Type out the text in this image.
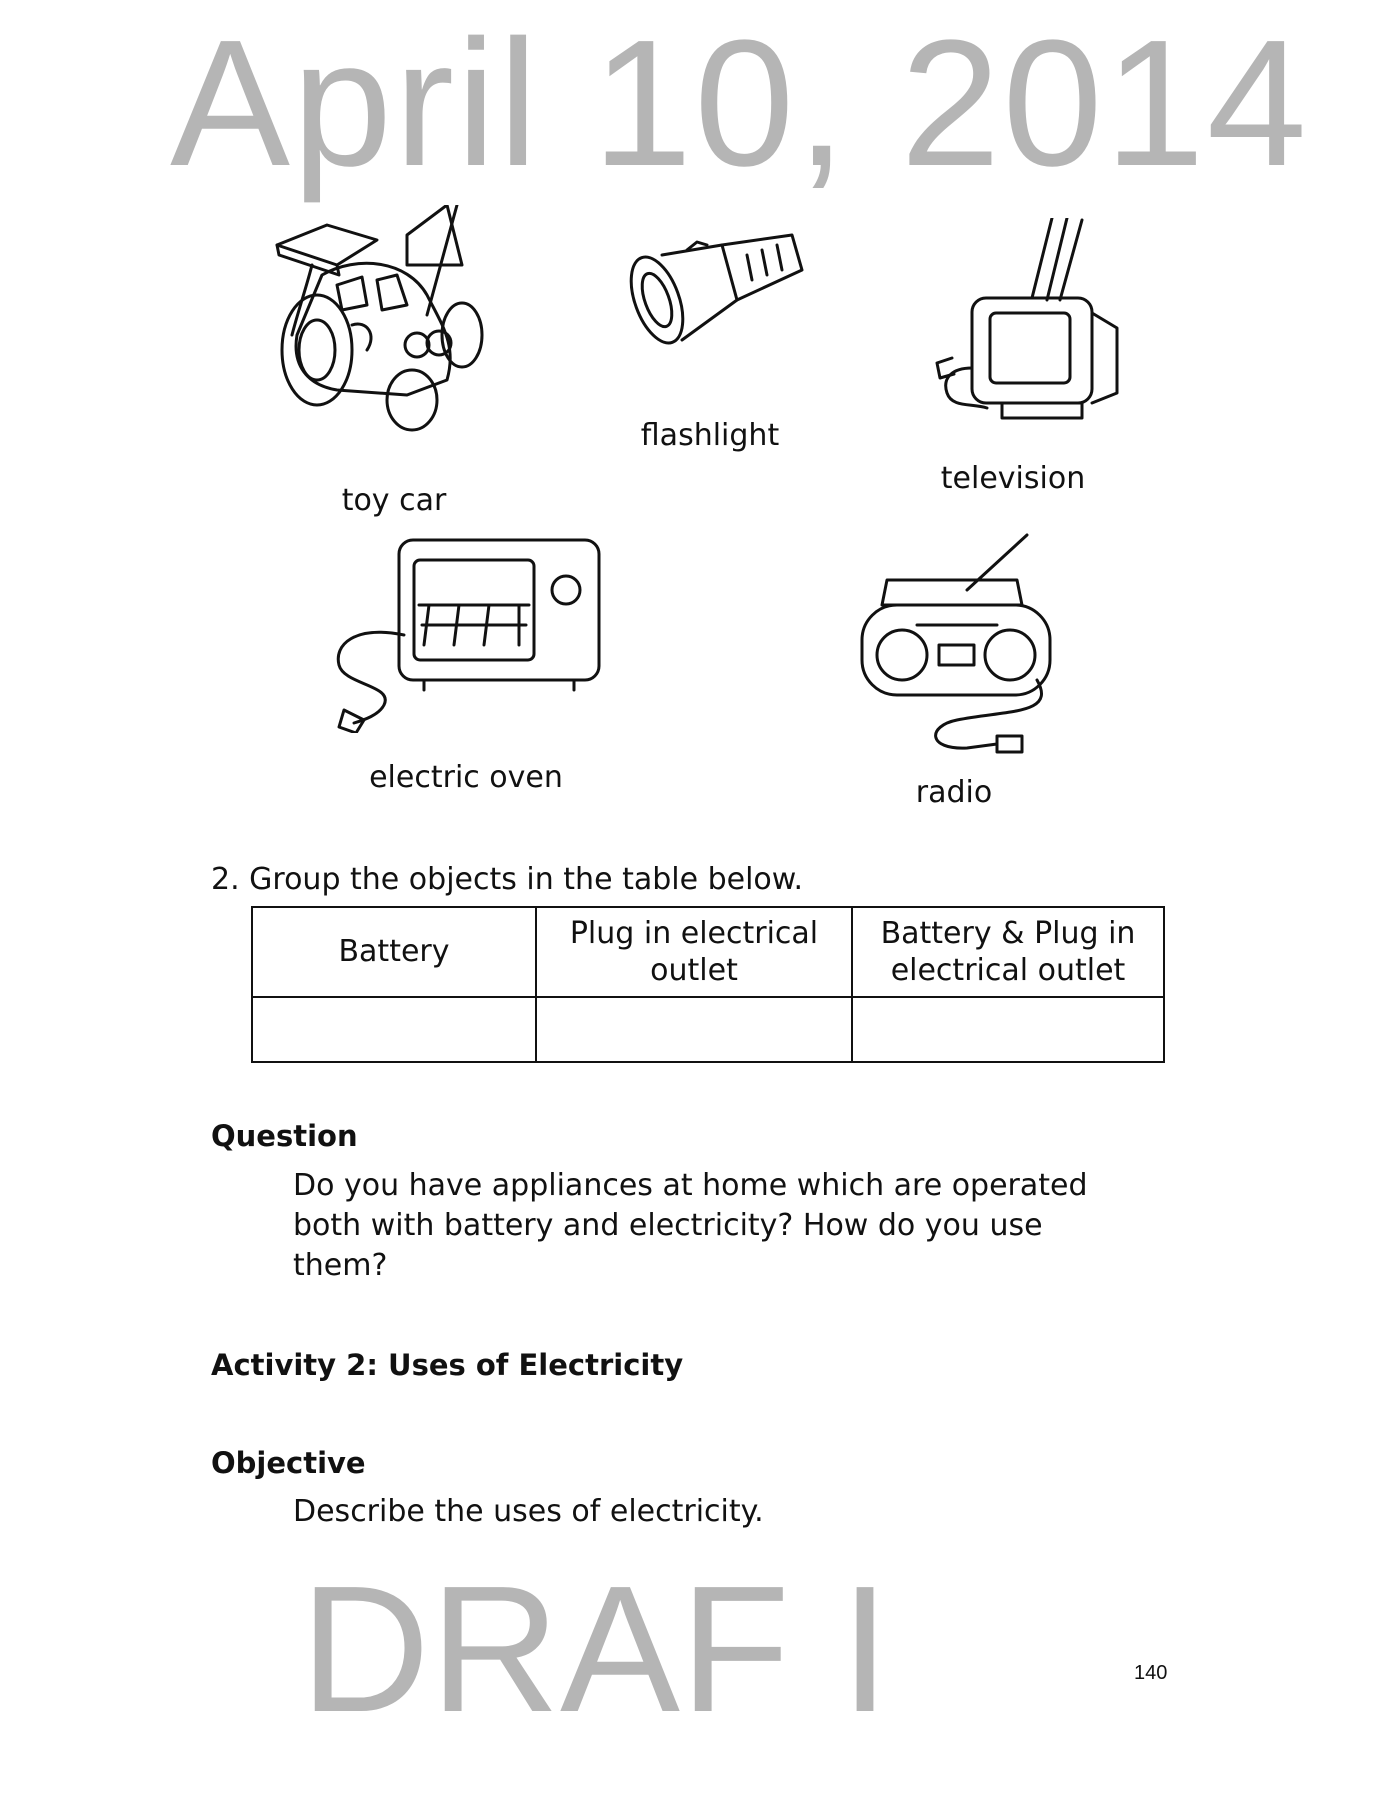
April 10, 2014
DRAF I
toy car
flashlight
television
electric oven	radio
2. Group the objects in the table below.
Battery	Plug in electrical outlet	Battery & Plug in electrical outlet

Question
Do you have appliances at home which are operated
both with battery and electricity? How do you use
them?
Activity 2: Uses of Electricity
Objective
Describe the uses of electricity.
140
